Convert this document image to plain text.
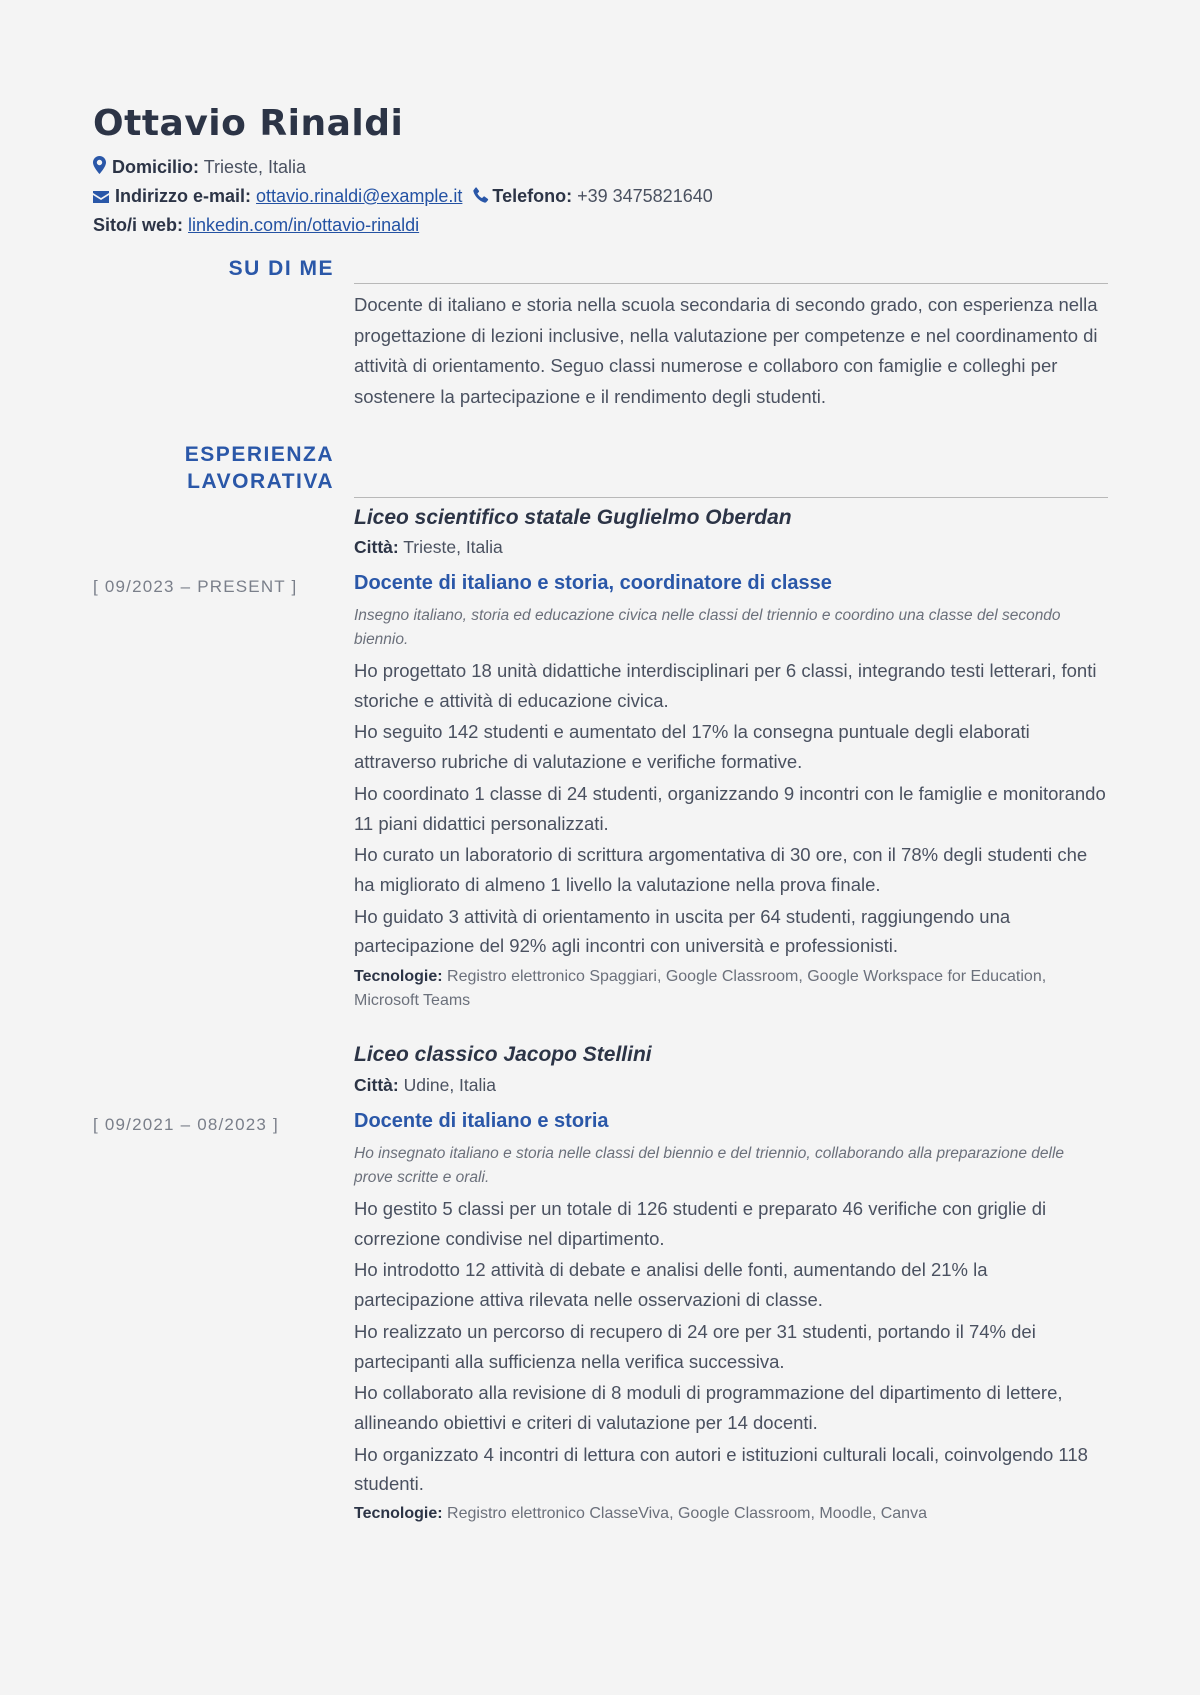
Ottavio Rinaldi
Domicilio: Trieste, Italia
Indirizzo e-mail: ottavio.rinaldi@example.it Telefono: +39 3475821640
Sito/i web: linkedin.com/in/ottavio-rinaldi
SU DI ME
Docente di italiano e storia nella scuola secondaria di secondo grado, con esperienza nella progettazione di lezioni inclusive, nella valutazione per competenze e nel coordinamento di attività di orientamento. Seguo classi numerose e collaboro con famiglie e colleghi per sostenere la partecipazione e il rendimento degli studenti.
ESPERIENZA
LAVORATIVA
Liceo scientifico statale Guglielmo Oberdan
Città: Trieste, Italia
[ 09/2023 – PRESENT ]	Docente di italiano e storia, coordinatore di classe
Insegno italiano, storia ed educazione civica nelle classi del triennio e coordino una classe del secondo biennio.
Ho progettato 18 unità didattiche interdisciplinari per 6 classi, integrando testi letterari, fonti storiche e attività di educazione civica.
Ho seguito 142 studenti e aumentato del 17% la consegna puntuale degli elaborati attraverso rubriche di valutazione e verifiche formative.
Ho coordinato 1 classe di 24 studenti, organizzando 9 incontri con le famiglie e monitorando 11 piani didattici personalizzati.
Ho curato un laboratorio di scrittura argomentativa di 30 ore, con il 78% degli studenti che ha migliorato di almeno 1 livello la valutazione nella prova finale.
Ho guidato 3 attività di orientamento in uscita per 64 studenti, raggiungendo una partecipazione del 92% agli incontri con università e professionisti.
Tecnologie: Registro elettronico Spaggiari, Google Classroom, Google Workspace for Education, Microsoft Teams
Liceo classico Jacopo Stellini
Città: Udine, Italia
[ 09/2021 – 08/2023 ]	Docente di italiano e storia
Ho insegnato italiano e storia nelle classi del biennio e del triennio, collaborando alla preparazione delle prove scritte e orali.
Ho gestito 5 classi per un totale di 126 studenti e preparato 46 verifiche con griglie di correzione condivise nel dipartimento.
Ho introdotto 12 attività di debate e analisi delle fonti, aumentando del 21% la partecipazione attiva rilevata nelle osservazioni di classe.
Ho realizzato un percorso di recupero di 24 ore per 31 studenti, portando il 74% dei partecipanti alla sufficienza nella verifica successiva.
Ho collaborato alla revisione di 8 moduli di programmazione del dipartimento di lettere, allineando obiettivi e criteri di valutazione per 14 docenti.
Ho organizzato 4 incontri di lettura con autori e istituzioni culturali locali, coinvolgendo 118 studenti.
Tecnologie: Registro elettronico ClasseViva, Google Classroom, Moodle, Canva
